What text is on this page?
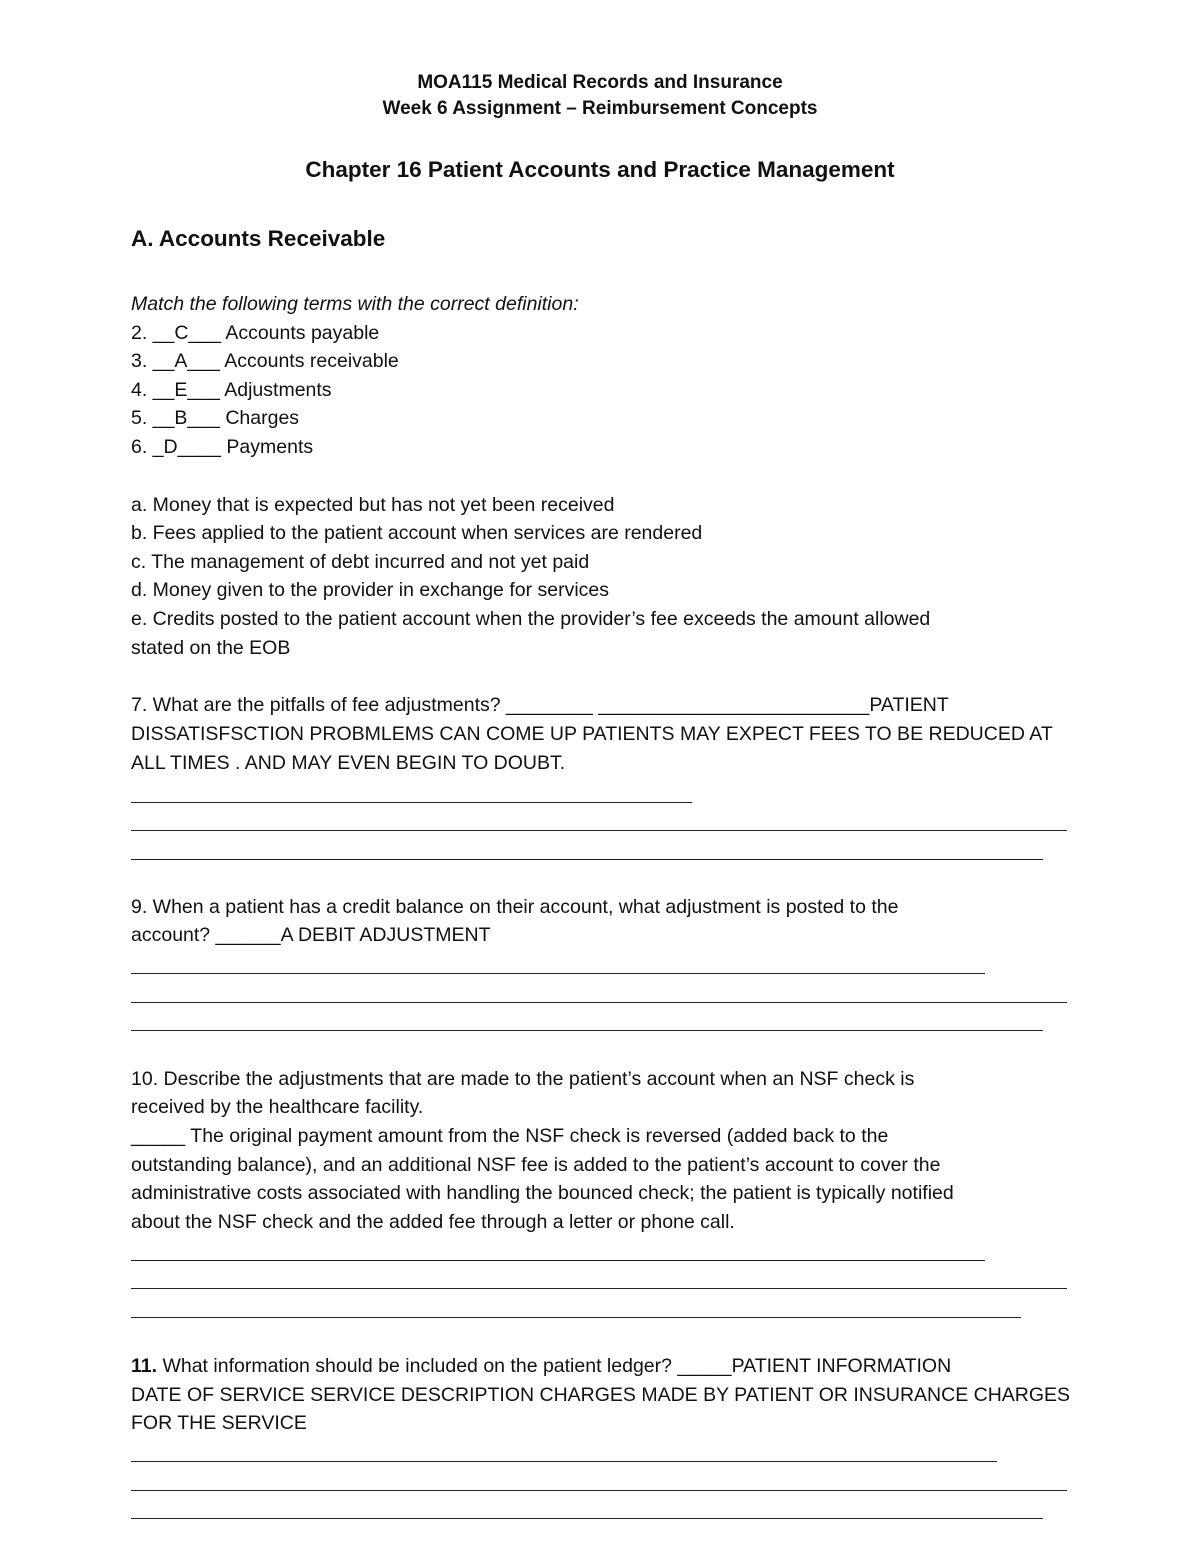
MOA115 Medical Records and Insurance
Week 6 Assignment – Reimbursement Concepts
Chapter 16 Patient Accounts and Practice Management
A. Accounts Receivable
Match the following terms with the correct definition:
2. __C___ Accounts payable
3. __A___ Accounts receivable
4. __E___ Adjustments
5. __B___ Charges
6. _D____ Payments
a. Money that is expected but has not yet been received
b. Fees applied to the patient account when services are rendered
c. The management of debt incurred and not yet paid
d. Money given to the provider in exchange for services
e. Credits posted to the patient account when the provider’s fee exceeds the amount allowed
stated on the EOB
7. What are the pitfalls of fee adjustments? ________ _________________________PATIENT
DISSATISFSCTION PROBMLEMS CAN COME UP PATIENTS MAY EXPECT FEES TO BE REDUCED AT
ALL TIMES . AND MAY EVEN BEGIN TO DOUBT.
9. When a patient has a credit balance on their account, what adjustment is posted to the
account? ______A DEBIT ADJUSTMENT
10. Describe the adjustments that are made to the patient’s account when an NSF check is
received by the healthcare facility.
_____ The original payment amount from the NSF check is reversed (added back to the
outstanding balance), and an additional NSF fee is added to the patient’s account to cover the
administrative costs associated with handling the bounced check; the patient is typically notified
about the NSF check and the added fee through a letter or phone call.
11. What information should be included on the patient ledger? _____PATIENT INFORMATION
DATE OF SERVICE SERVICE DESCRIPTION CHARGES MADE BY PATIENT OR INSURANCE CHARGES
FOR THE SERVICE
